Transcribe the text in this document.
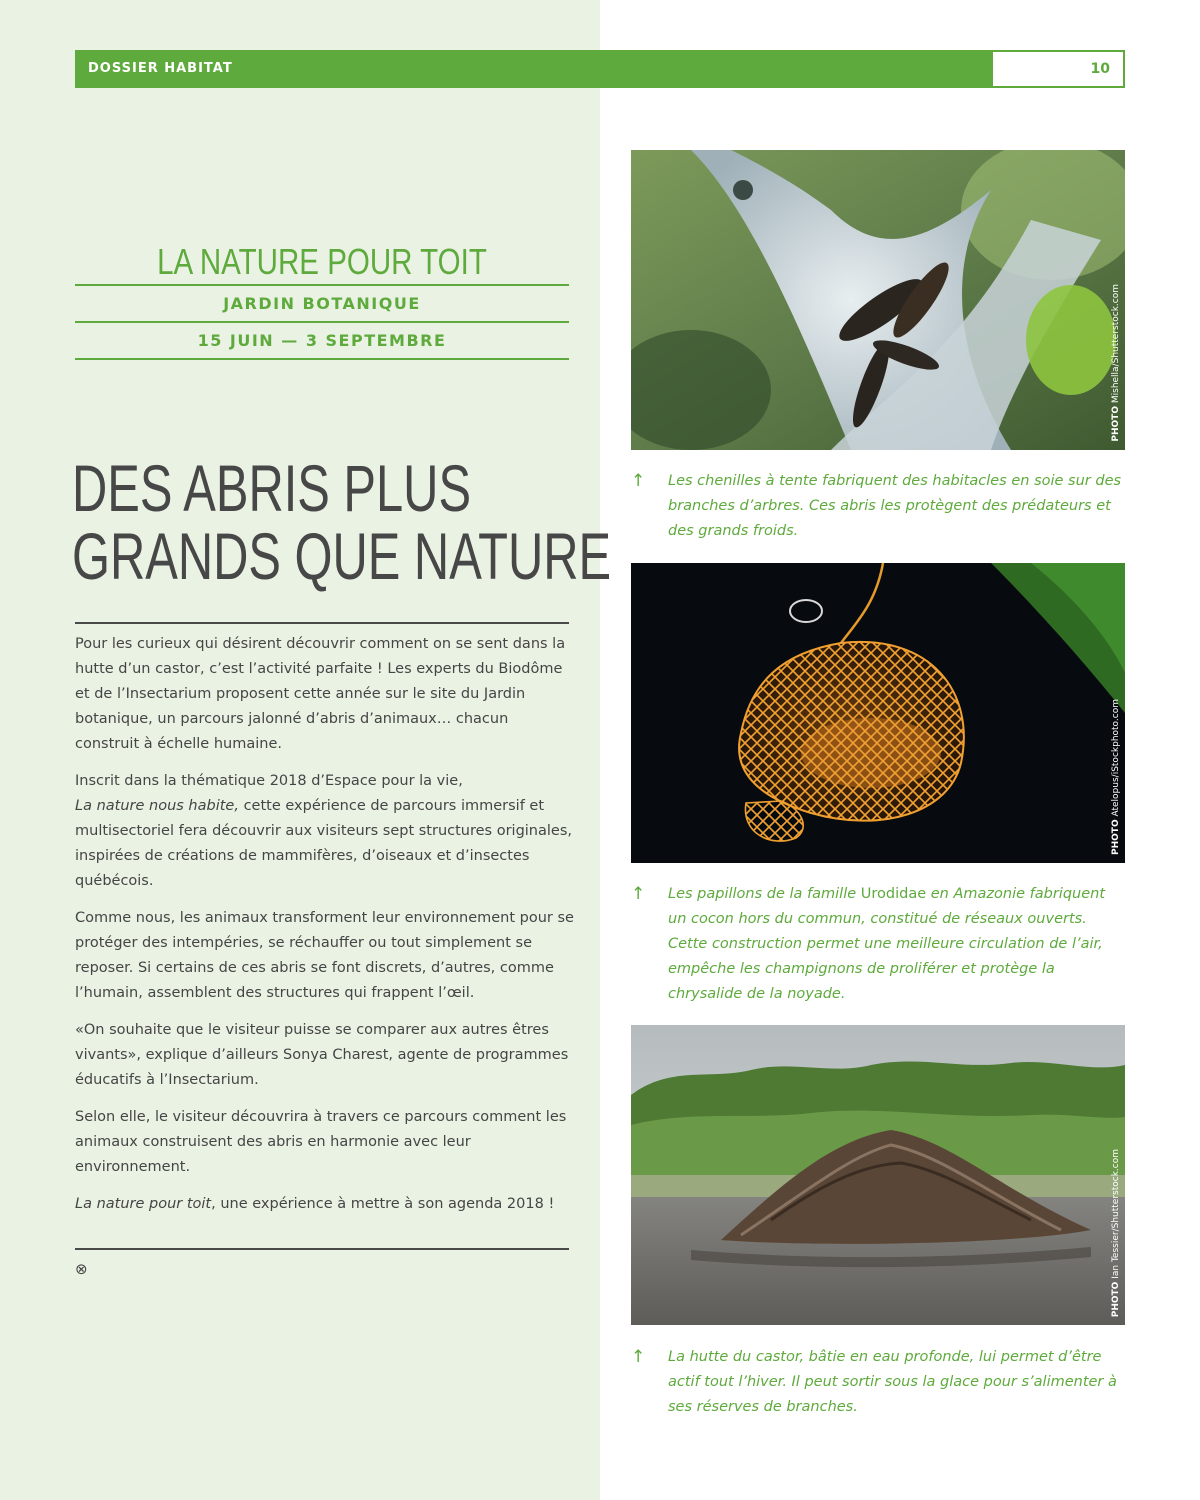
DOSSIER HABITAT	10
LA NATURE POUR TOIT
JARDIN BOTANIQUE
15 JUIN — 3 SEPTEMBRE
DES ABRIS PLUS
GRANDS QUE NATURE

Pour les curieux qui désirent découvrir comment on se sent dans la hutte d’un castor, c’est l’activité parfaite ! Les experts du Biodôme et de l’Insectarium proposent cette année sur le site du Jardin botanique, un parcours jalonné d’abris d’animaux… chacun construit à échelle humaine.

Inscrit dans la thématique 2018 d’Espace pour la vie,
La nature nous habite, cette expérience de parcours immersif et multisectoriel fera découvrir aux visiteurs sept structures originales, inspirées de créations de mammifères, d’oiseaux et d’insectes québécois.

Comme nous, les animaux transforment leur environnement pour se protéger des intempéries, se réchauffer ou tout simplement se reposer. Si certains de ces abris se font discrets, d’autres, comme l’humain, assemblent des structures qui frappent l’œil.

«On souhaite que le visiteur puisse se comparer aux autres êtres vivants», explique d’ailleurs Sonya Charest, agente de programmes éducatifs à l’Insectarium.

Selon elle, le visiteur découvrira à travers ce parcours comment les animaux construisent des abris en harmonie avec leur environnement.

La nature pour toit, une expérience à mettre à son agenda 2018 !

⊗
PHOTO Mishella/Shutterstock.com
↑ Les chenilles à tente fabriquent des habitacles en soie sur des branches d’arbres. Ces abris les protègent des prédateurs et des grands froids.
PHOTO Atelopus/iStockphoto.com
↑ Les papillons de la famille Urodidae en Amazonie fabriquent un cocon hors du commun, constitué de réseaux ouverts. Cette construction permet une meilleure circulation de l’air, empêche les champignons de proliférer et protège la chrysalide de la noyade.
PHOTO Ian Tessier/Shutterstock.com
↑ La hutte du castor, bâtie en eau profonde, lui permet d’être actif tout l’hiver. Il peut sortir sous la glace pour s’alimenter à ses réserves de branches.
